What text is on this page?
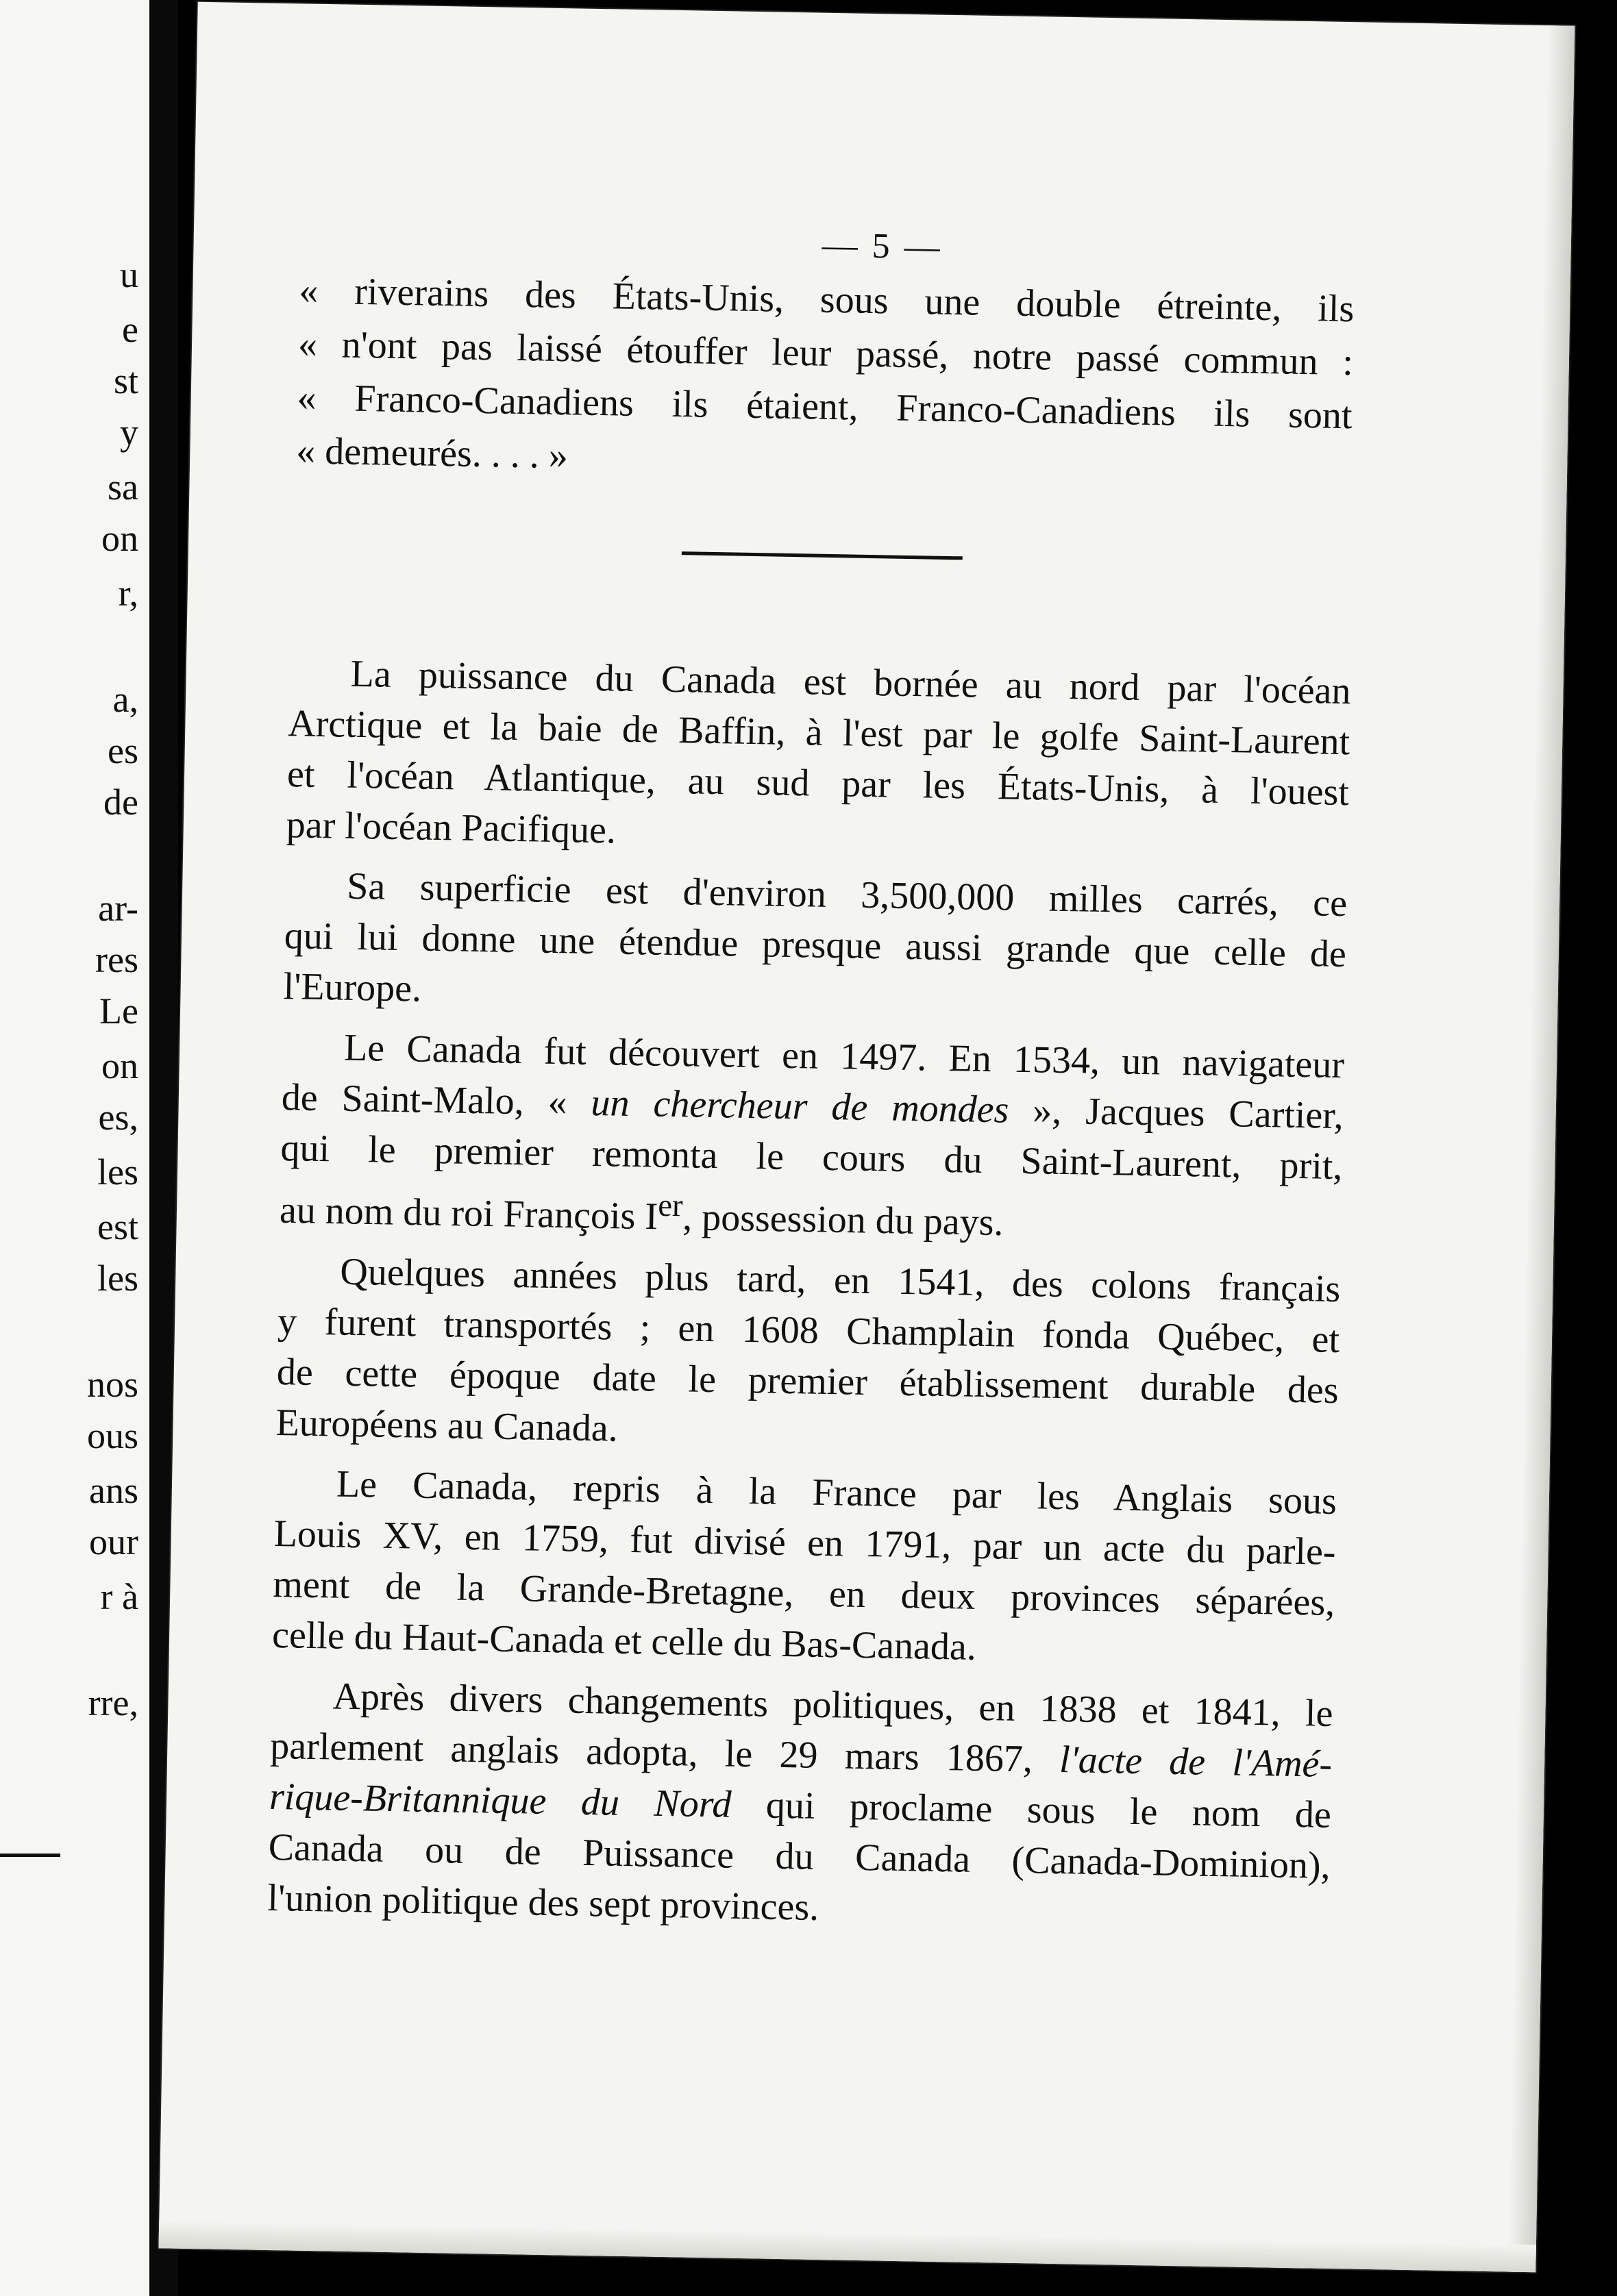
u
e
st
y
sa
on
r,
a,
es
de
ar-
res
Le
on
es,
les
est
les
nos
ous
ans
our
r à
rre,
— 5 —
« riverains des États-Unis, sous une double étreinte, ils
« n'ont pas laissé étouffer leur passé, notre passé commun :
« Franco-Canadiens ils étaient, Franco-Canadiens ils sont
« demeurés. . . . »
La puissance du Canada est bornée au nord par l'océan
Arctique et la baie de Baffin, à l'est par le golfe Saint-Laurent
et l'océan Atlantique, au sud par les États-Unis, à l'ouest
par l'océan Pacifique.
Sa superficie est d'environ 3,500,000 milles carrés, ce
qui lui donne une étendue presque aussi grande que celle de
l'Europe.
Le Canada fut découvert en 1497. En 1534, un navigateur
de Saint-Malo, « un chercheur de mondes », Jacques Cartier,
qui le premier remonta le cours du Saint-Laurent, prit,
au nom du roi François Ier, possession du pays.
Quelques années plus tard, en 1541, des colons français
y furent transportés ; en 1608 Champlain fonda Québec, et
de cette époque date le premier établissement durable des
Européens au Canada.
Le Canada, repris à la France par les Anglais sous
Louis XV, en 1759, fut divisé en 1791, par un acte du parle-
ment de la Grande-Bretagne, en deux provinces séparées,
celle du Haut-Canada et celle du Bas-Canada.
Après divers changements politiques, en 1838 et 1841, le
parlement anglais adopta, le 29 mars 1867, l'acte de l'Amé-
rique-Britannique du Nord qui proclame sous le nom de
Canada ou de Puissance du Canada (Canada-Dominion),
l'union politique des sept provinces.
